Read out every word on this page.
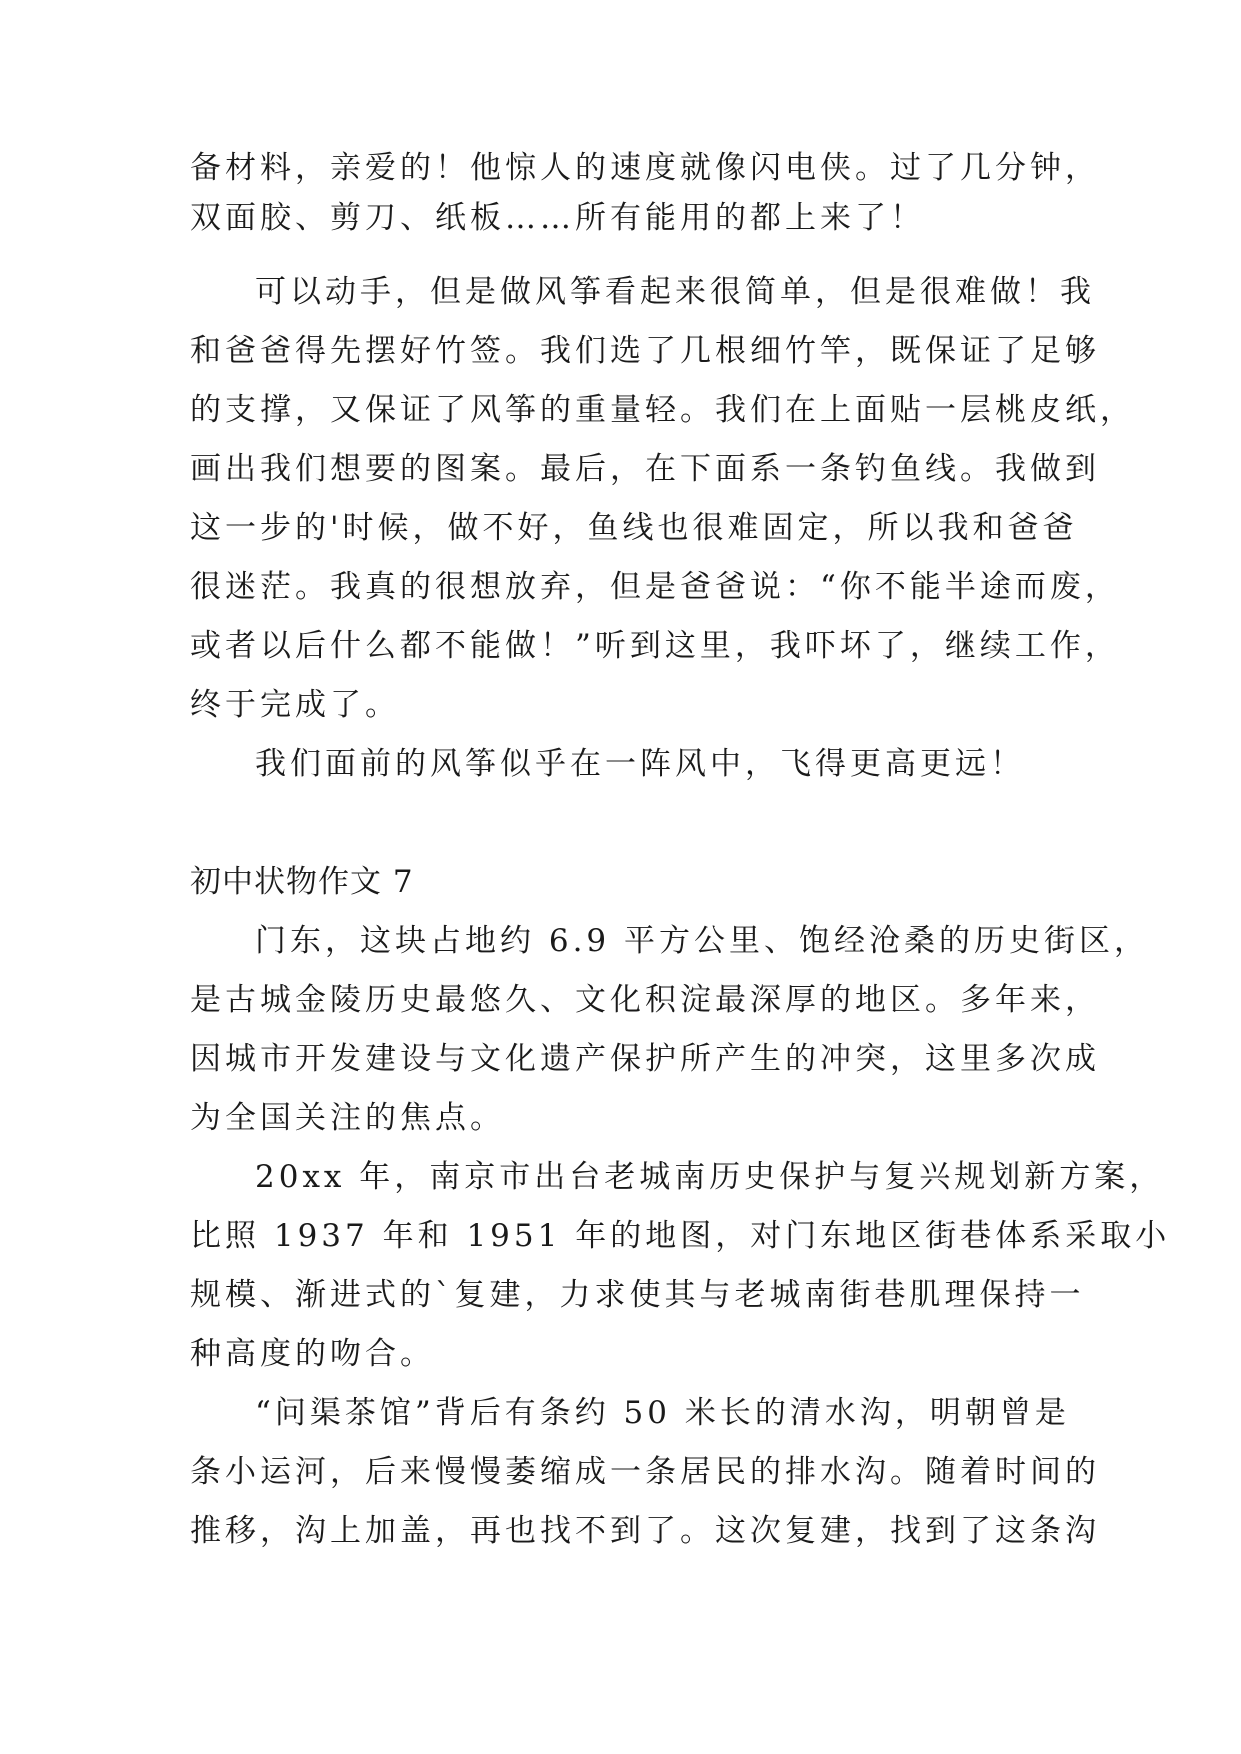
备材料，亲爱的！他惊人的速度就像闪电侠。过了几分钟，
双面胶、剪刀、纸板……所有能用的都上来了！
可以动手，但是做风筝看起来很简单，但是很难做！我
和爸爸得先摆好竹签。我们选了几根细竹竿，既保证了足够
的支撑，又保证了风筝的重量轻。我们在上面贴一层桃皮纸，
画出我们想要的图案。最后，在下面系一条钓鱼线。我做到
这一步的'时候，做不好，鱼线也很难固定，所以我和爸爸
很迷茫。我真的很想放弃，但是爸爸说：“你不能半途而废，
或者以后什么都不能做！”听到这里，我吓坏了，继续工作，
终于完成了。
我们面前的风筝似乎在一阵风中，飞得更高更远！
初中状物作文 7
门东，这块占地约 6.9 平方公里、饱经沧桑的历史街区，
是古城金陵历史最悠久、文化积淀最深厚的地区。多年来，
因城市开发建设与文化遗产保护所产生的冲突，这里多次成
为全国关注的焦点。
20xx 年，南京市出台老城南历史保护与复兴规划新方案，
比照 1937 年和 1951 年的地图，对门东地区街巷体系采取小
规模、渐进式的`复建，力求使其与老城南街巷肌理保持一
种高度的吻合。
“问渠茶馆”背后有条约 50 米长的清水沟，明朝曾是
条小运河，后来慢慢萎缩成一条居民的排水沟。随着时间的
推移，沟上加盖，再也找不到了。这次复建，找到了这条沟
